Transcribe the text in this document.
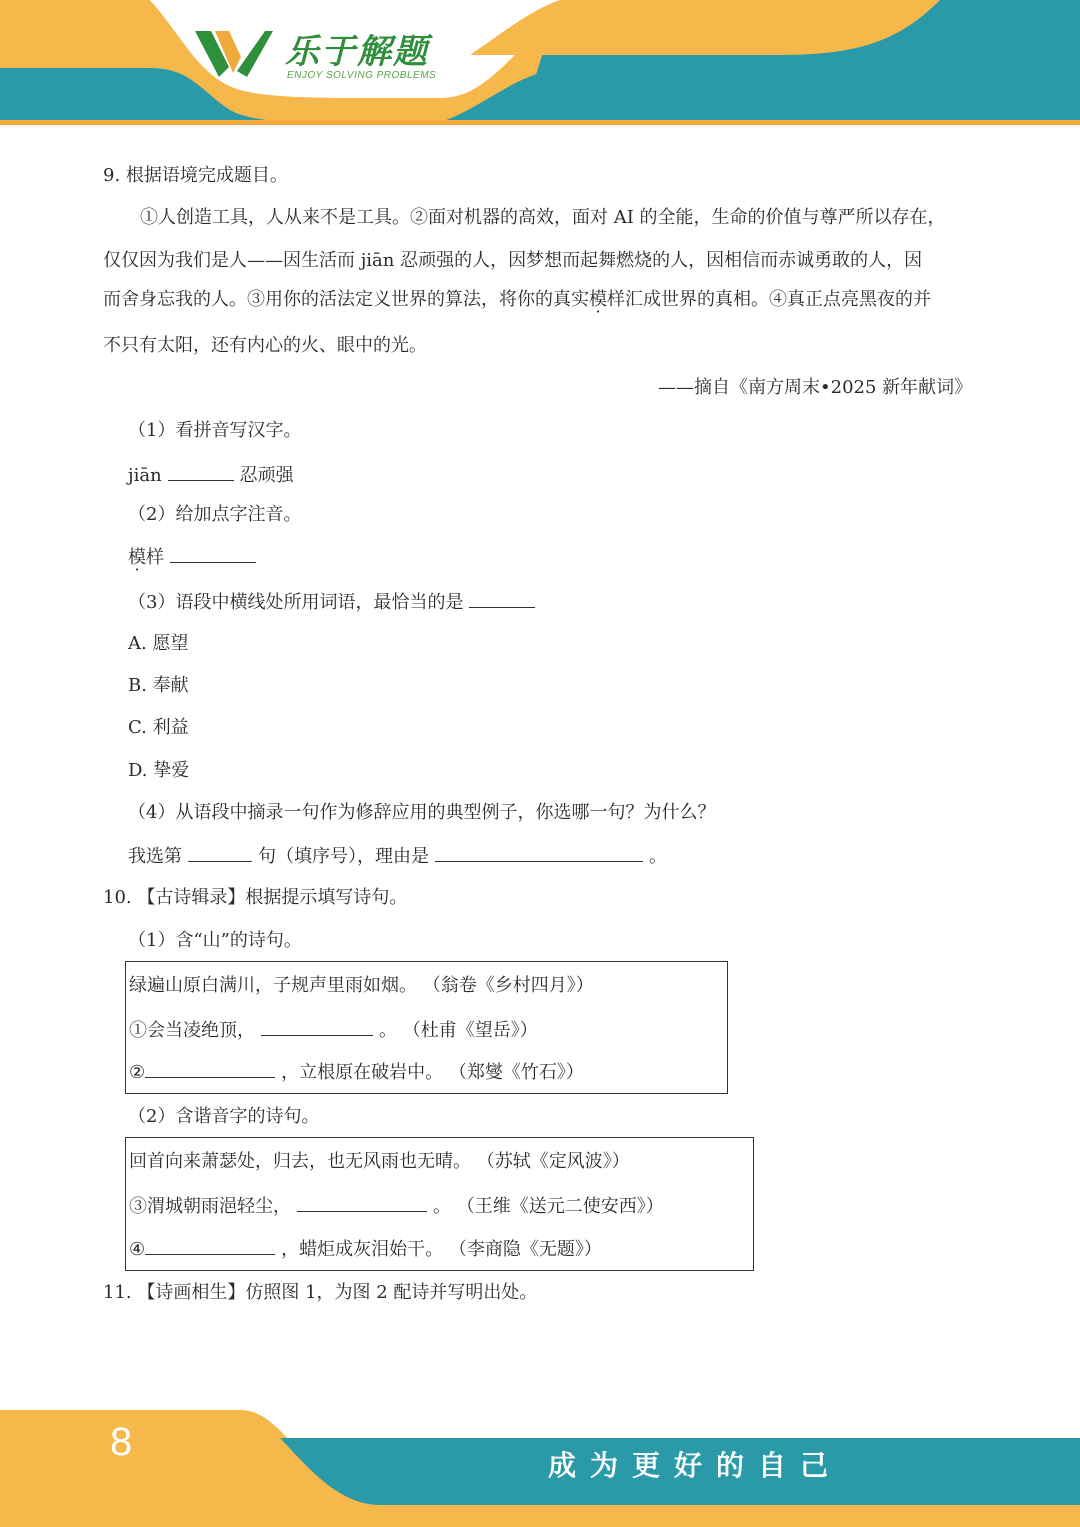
乐于解题
ENJOY SOLVING PROBLEMS
9. 根据语境完成题目。
①人创造工具，人从来不是工具。②面对机器的高效，面对 AI 的全能，生命的价值与尊严所以存在，
仅仅因为我们是人——因生活而 jiān 忍顽强的人，因梦想而起舞燃烧的人，因相信而赤诚勇敢的人，因
而舍身忘我的人。③用你的活法定义世界的算法，将你的真实模样汇成世界的真相。④真正点亮黑夜的并
不只有太阳，还有内心的火、眼中的光。
——摘自《南方周末•2025 新年献词》
（1）看拼音写汉字。
jiān	忍顽强
（2）给加点字注音。
模样
（3）语段中横线处所用词语，最恰当的是
A. 愿望
B. 奉献
C. 利益
D. 挚爱
（4）从语段中摘录一句作为修辞应用的典型例子，你选哪一句？为什么？
我选第	句（填序号），理由是	。
10. 【古诗辑录】根据提示填写诗句。
（1）含“山”的诗句。
绿遍山原白满川，子规声里雨如烟。 （翁卷《乡村四月》）
①会当凌绝顶，	。 （杜甫《望岳》）
②	，立根原在破岩中。 （郑燮《竹石》）
（2）含谐音字的诗句。
回首向来萧瑟处，归去，也无风雨也无晴。 （苏轼《定风波》）
③渭城朝雨浥轻尘，	。 （王维《送元二使安西》）
④	，蜡炬成灰泪始干。 （李商隐《无题》）
11. 【诗画相生】仿照图 1，为图 2 配诗并写明出处。
8
成为更好的自己
